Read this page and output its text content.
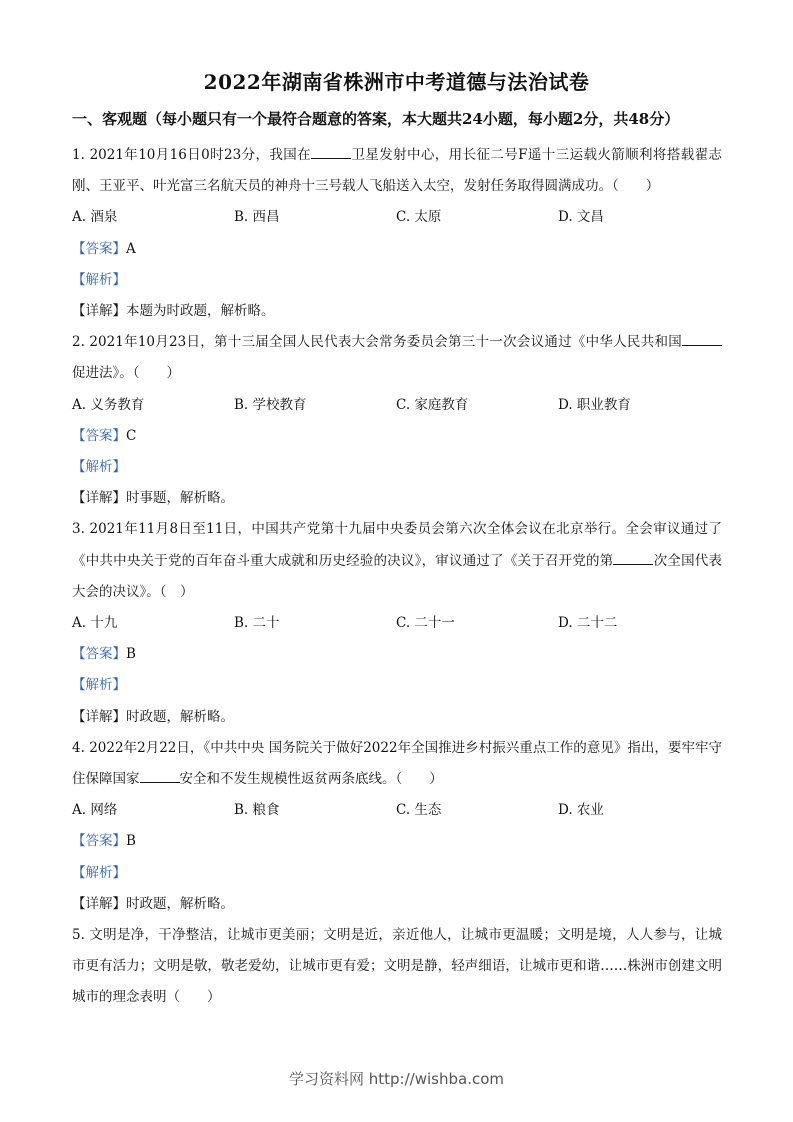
2022年湖南省株洲市中考道德与法治试卷
一、客观题（每小题只有一个最符合题意的答案，本大题共24小题，每小题2分，共48分）

1. 2021年10月16日0时23分，我国在	卫星发射中心，用长征二号F遥十三运载火箭顺利将搭载翟志刚、王亚平、叶光富三名航天员的神舟十三号载人飞船送入太空，发射任务取得圆满成功。（　　）

A. 酒泉	B. 西昌	C. 太原	D. 文昌

【答案】A

【解析】

【详解】本题为时政题，解析略。

2. 2021年10月23日，第十三届全国人民代表大会常务委员会第三十一次会议通过《中华人民共和国促进法》。（　　）

A. 义务教育	B. 学校教育	C. 家庭教育	D. 职业教育

【答案】C

【解析】

【详解】时事题，解析略。

3. 2021年11月8日至11日，中国共产党第十九届中央委员会第六次全体会议在北京举行。全会审议通过了《中共中央关于党的百年奋斗重大成就和历史经验的决议》，审议通过了《关于召开党的第	次全国代表大会的决议》。（　）

A. 十九	B. 二十	C. 二十一	D. 二十二

【答案】B

【解析】

【详解】时政题，解析略。

4. 2022年2月22日，《中共中央 国务院关于做好2022年全国推进乡村振兴重点工作的意见》指出，要牢牢守住保障国家	安全和不发生规模性返贫两条底线。（　　）

A. 网络	B. 粮食	C. 生态	D. 农业

【答案】B

【解析】

【详解】时政题，解析略。

5. 文明是净，干净整洁，让城市更美丽；文明是近，亲近他人，让城市更温暖；文明是境，人人参与，让城市更有活力；文明是敬，敬老爱幼，让城市更有爱；文明是静，轻声细语，让城市更和谐……株洲市创建文明城市的理念表明（　　）

学习资料网 http://wishba.com
